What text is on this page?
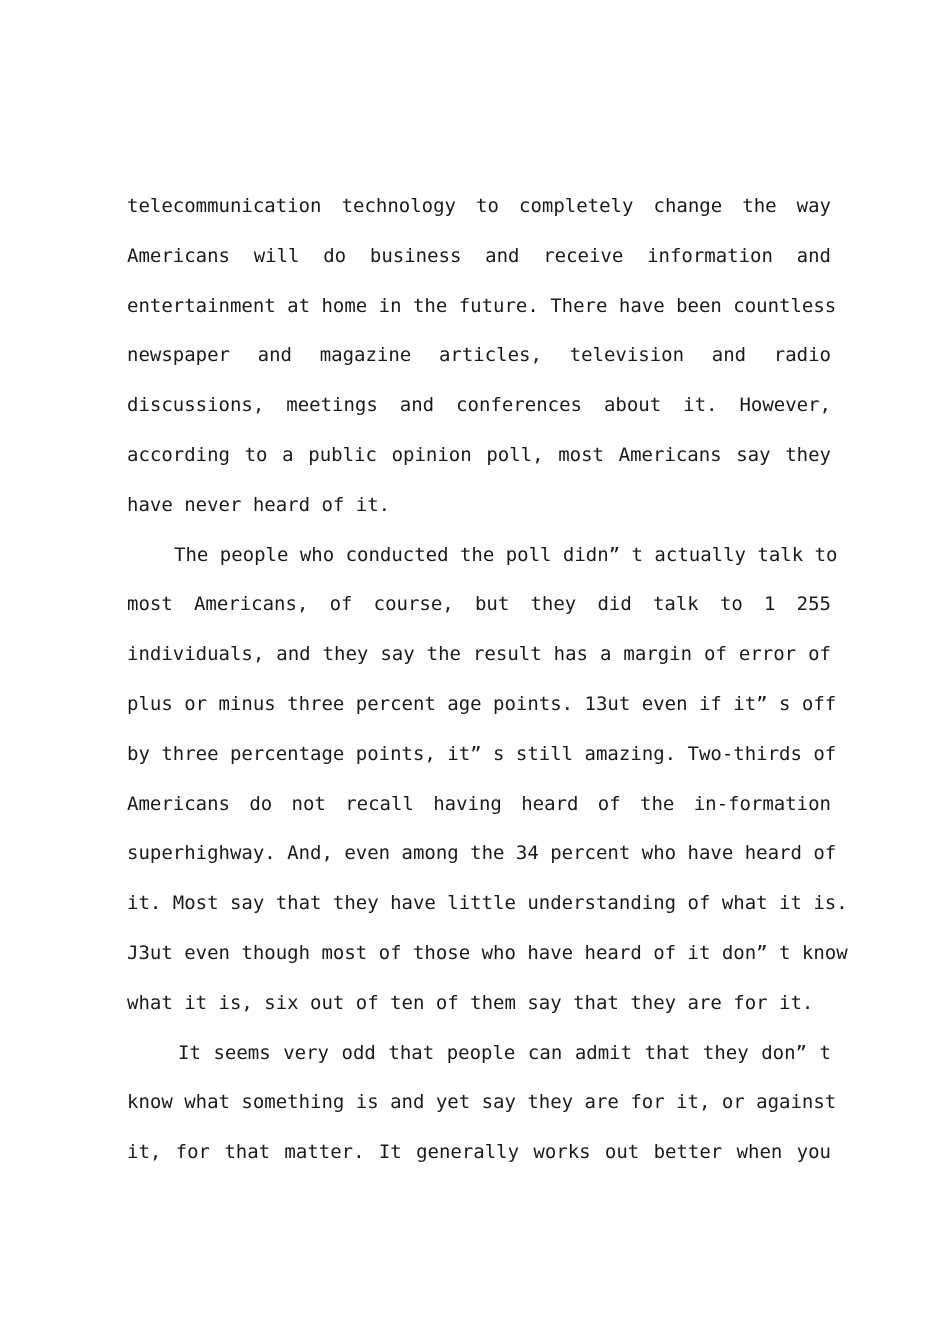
telecommunication technology to completely change the way
Americans will do business and receive information and
entertainment at home in the future. There have been countless
newspaper and magazine articles, television and radio
discussions, meetings and conferences about it. However,
according to a public opinion poll, most Americans say they
have never heard of it.
The people who conducted the poll didn” t actually talk to
most Americans, of course, but they did talk to 1 255
individuals, and they say the result has a margin of error of
plus or minus three percent age points. 13ut even if it” s off
by three percentage points, it” s still amazing. Two-thirds of
Americans do not recall having heard of the in-formation
superhighway. And, even among the 34 percent who have heard of
it. Most say that they have little understanding of what it is.
J3ut even though most of those who have heard of it don” t know
what it is, six out of ten of them say that they are for it.
It seems very odd that people can admit that they don” t
know what something is and yet say they are for it, or against
it, for that matter. It generally works out better when you
